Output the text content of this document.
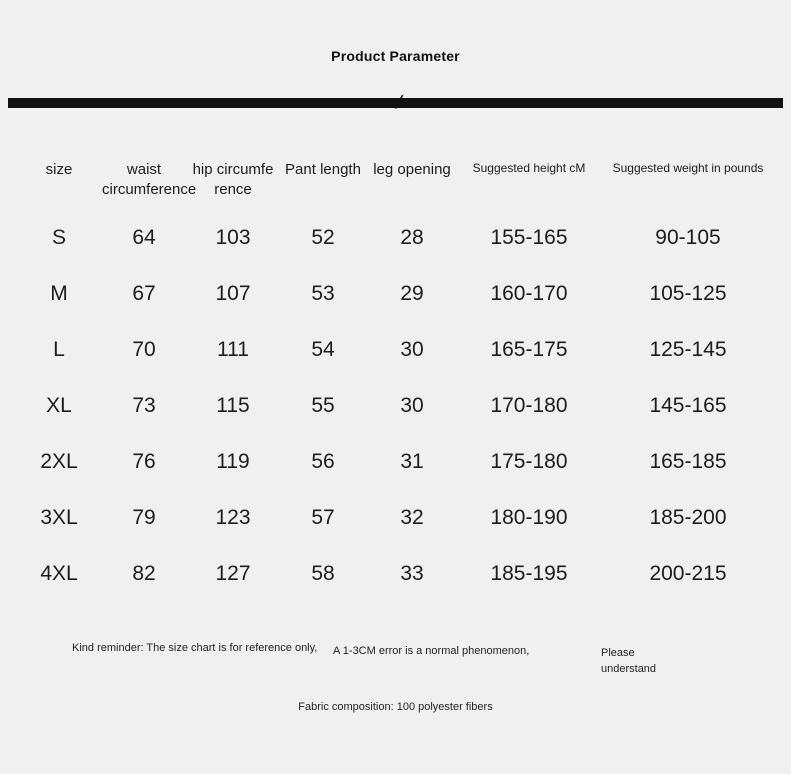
Product Parameter
/
size	waist circumference	hip circumfe rence	Pant length	leg opening	Suggested height cM	Suggested weight in pounds
S	64	103	52	28	155-165	90-105
M	67	107	53	29	160-170	105-125
L	70	111	54	30	165-175	125-145
XL	73	115	55	30	170-180	145-165
2XL	76	119	56	31	175-180	165-185
3XL	79	123	57	32	180-190	185-200
4XL	82	127	58	33	185-195	200-215
Kind reminder: The size chart is for reference only, A 1-3CM error is a normal phenomenon,	Please understand
Fabric composition: 100 polyester fibers
